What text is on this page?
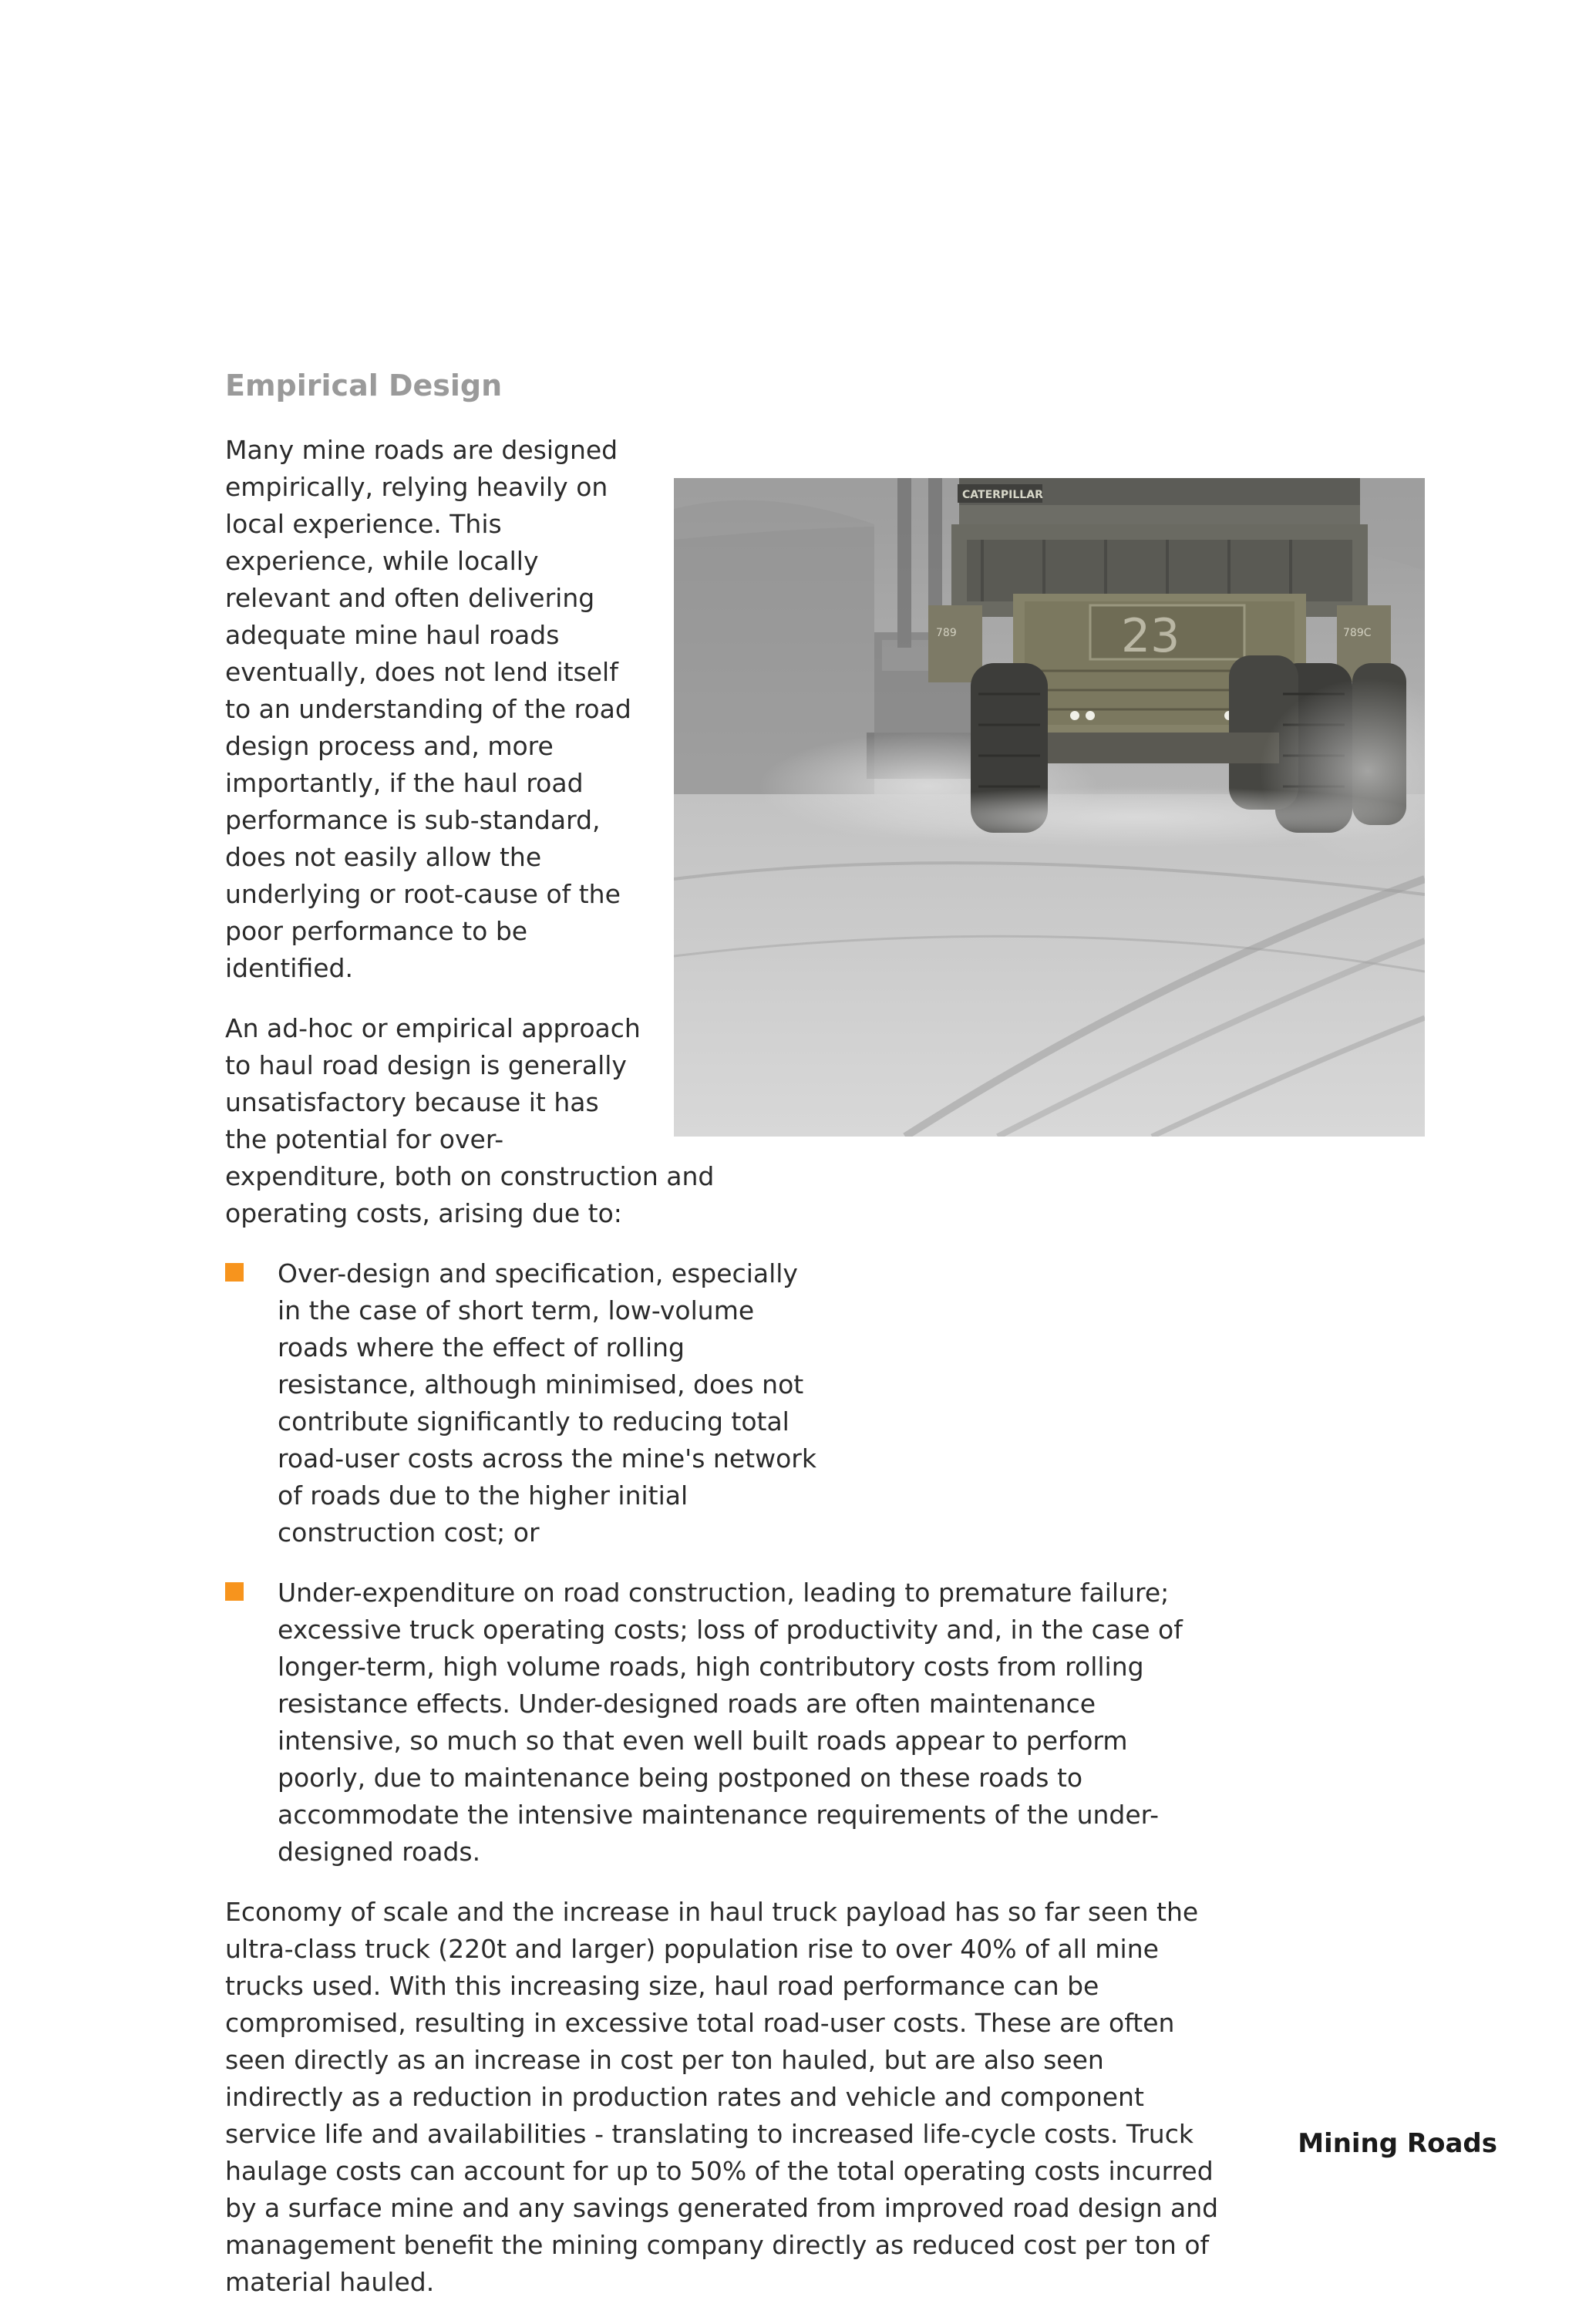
Empirical Design
CATERPILLAR
789	789C
23

Many mine roads are designed empirically, relying heavily on local experience. This experience, while locally relevant and often delivering adequate mine haul roads eventually, does not lend itself to an understanding of the road design process and, more importantly, if the haul road performance is sub-standard, does not easily allow the underlying or root-cause of the poor performance to be identified.

An ad-hoc or empirical approach to haul road design is generally unsatisfactory because it has the potential for over-expenditure, both on construction and operating costs, arising due to:

Over-design and specification, especially in the case of short term, low-volume roads where the effect of rolling resistance, although minimised, does not contribute significantly to reducing total road-user costs across the mine's network of roads due to the higher initial construction cost; or
Under-expenditure on road construction, leading to premature failure; excessive truck operating costs; loss of productivity and, in the case of longer-term, high volume roads, high contributory costs from rolling resistance effects. Under-designed roads are often maintenance intensive, so much so that even well built roads appear to perform poorly, due to maintenance being postponed on these roads to accommodate the intensive maintenance requirements of the under-designed roads.

Economy of scale and the increase in haul truck payload has so far seen the ultra-class truck (220t and larger) population rise to over 40% of all mine trucks used. With this increasing size, haul road performance can be compromised, resulting in excessive total road-user costs. These are often seen directly as an increase in cost per ton hauled, but are also seen indirectly as a reduction in production rates and vehicle and component service life and availabilities - translating to increased life-cycle costs. Truck haulage costs can account for up to 50% of the total operating costs incurred by a surface mine and any savings generated from improved road design and management benefit the mining company directly as reduced cost per ton of material hauled.

Mining Roads
